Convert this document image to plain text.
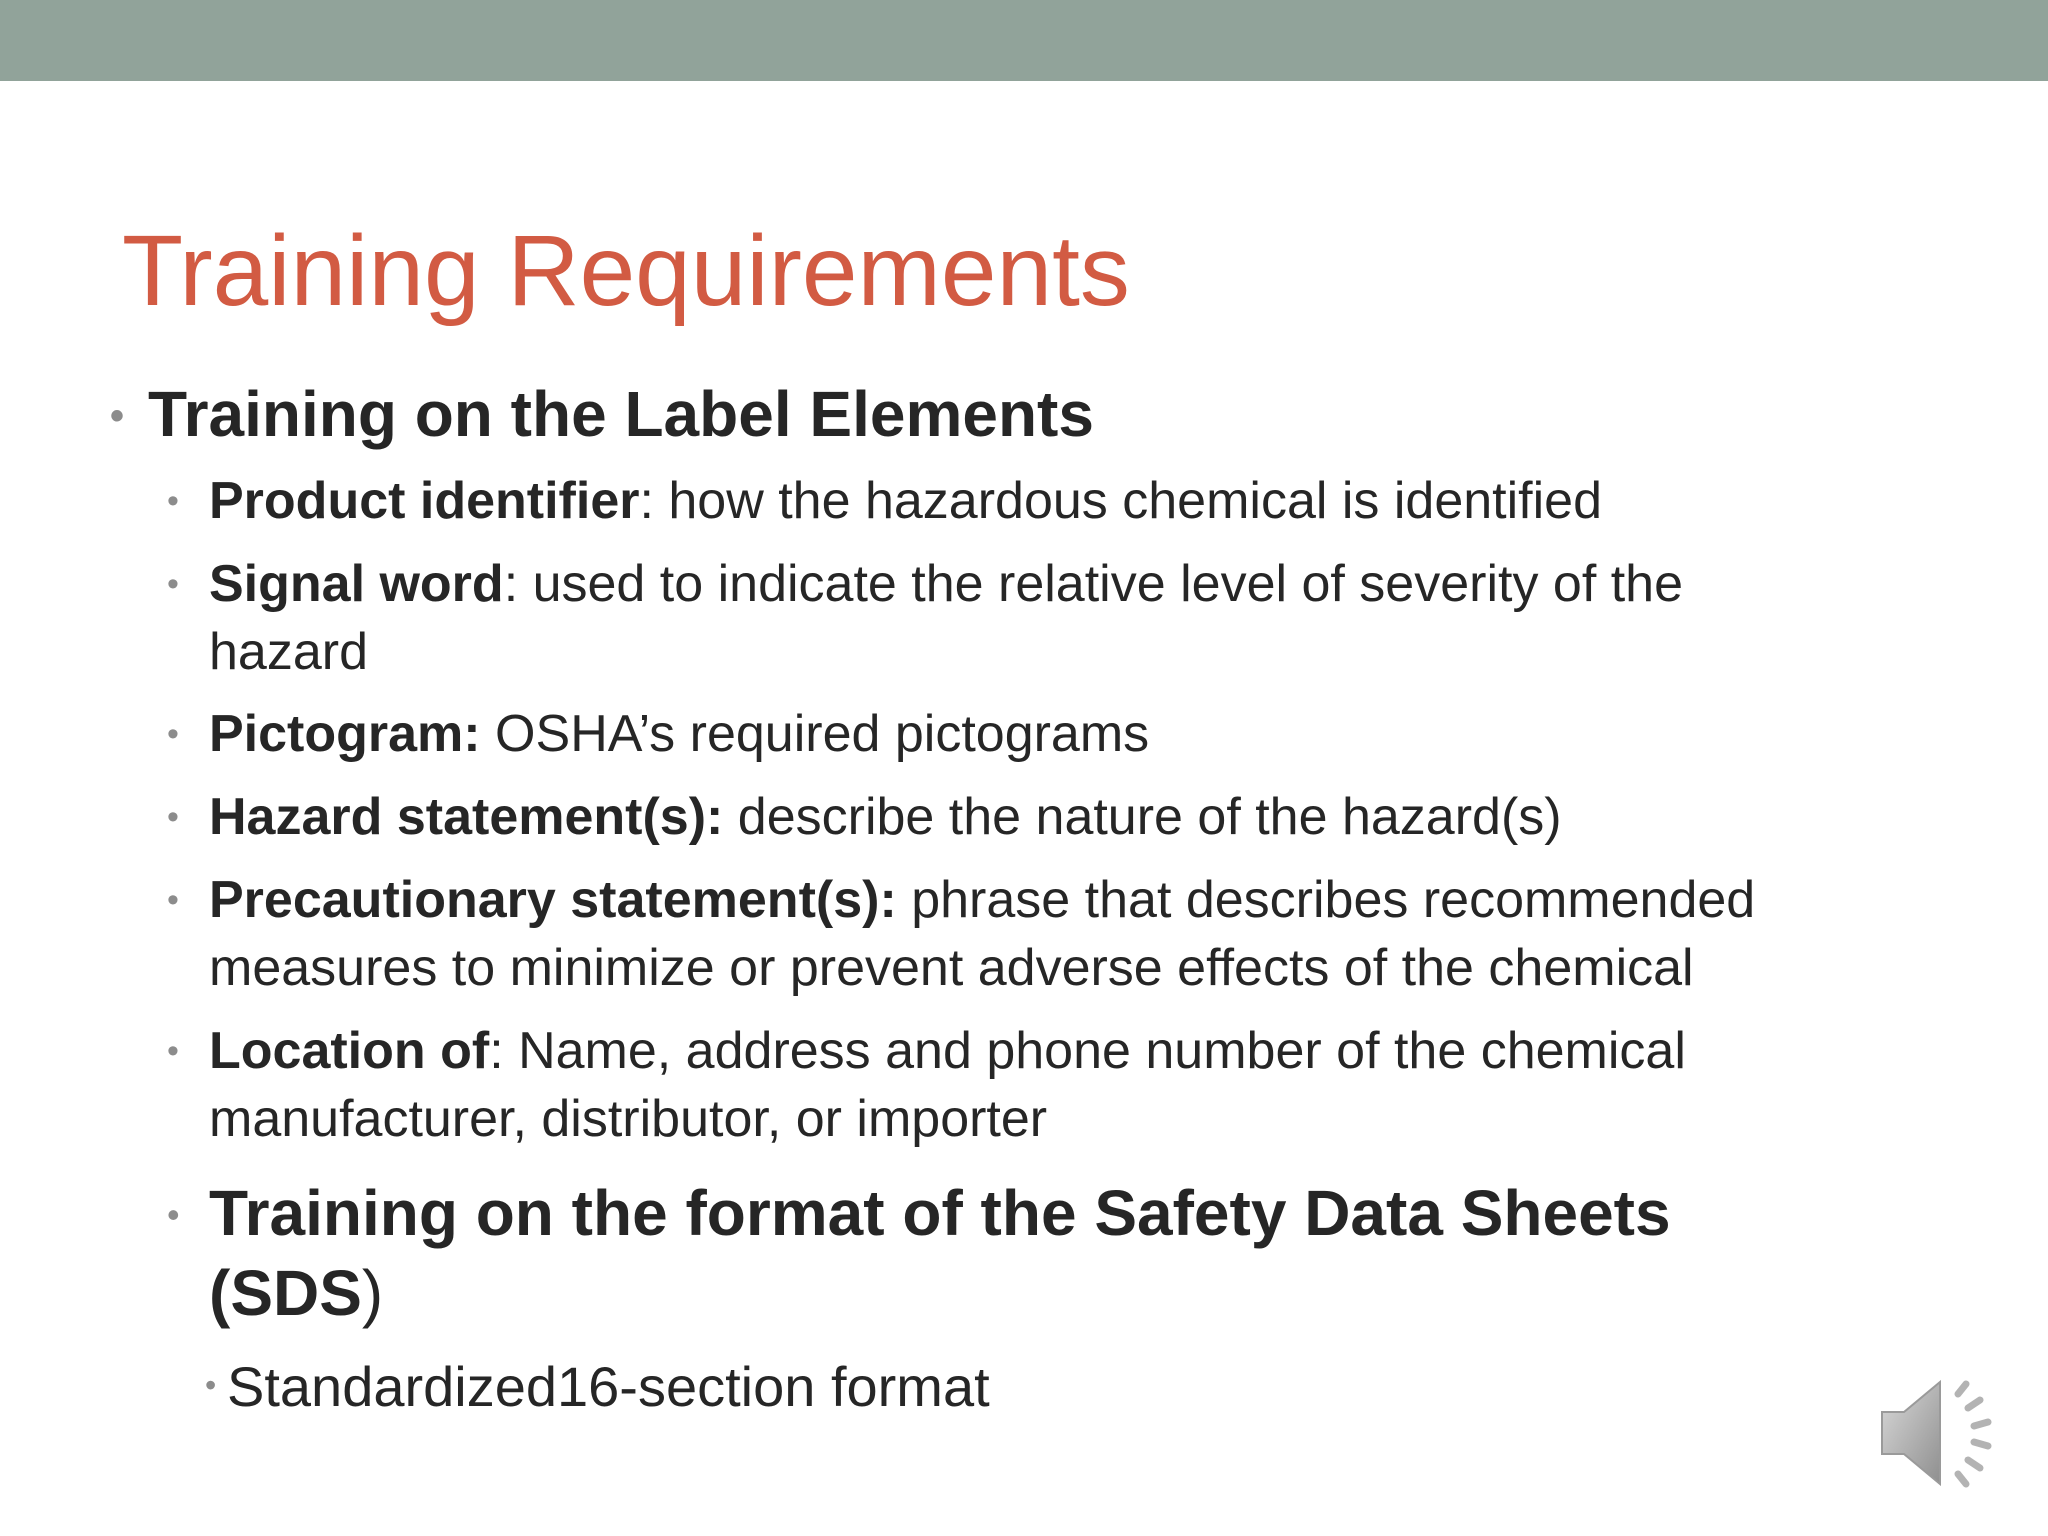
Training Requirements
• Training on the Label Elements
• Product identifier: how the hazardous chemical is identified
• Signal word: used to indicate the relative level of severity of the
hazard
• Pictogram: OSHA’s required pictograms
• Hazard statement(s): describe the nature of the hazard(s)
• Precautionary statement(s): phrase that describes recommended
measures to minimize or prevent adverse effects of the chemical
• Location of: Name, address and phone number of the chemical
manufacturer, distributor, or importer
• Training on the format of the Safety Data Sheets
(SDS)
• Standardized16-section format
